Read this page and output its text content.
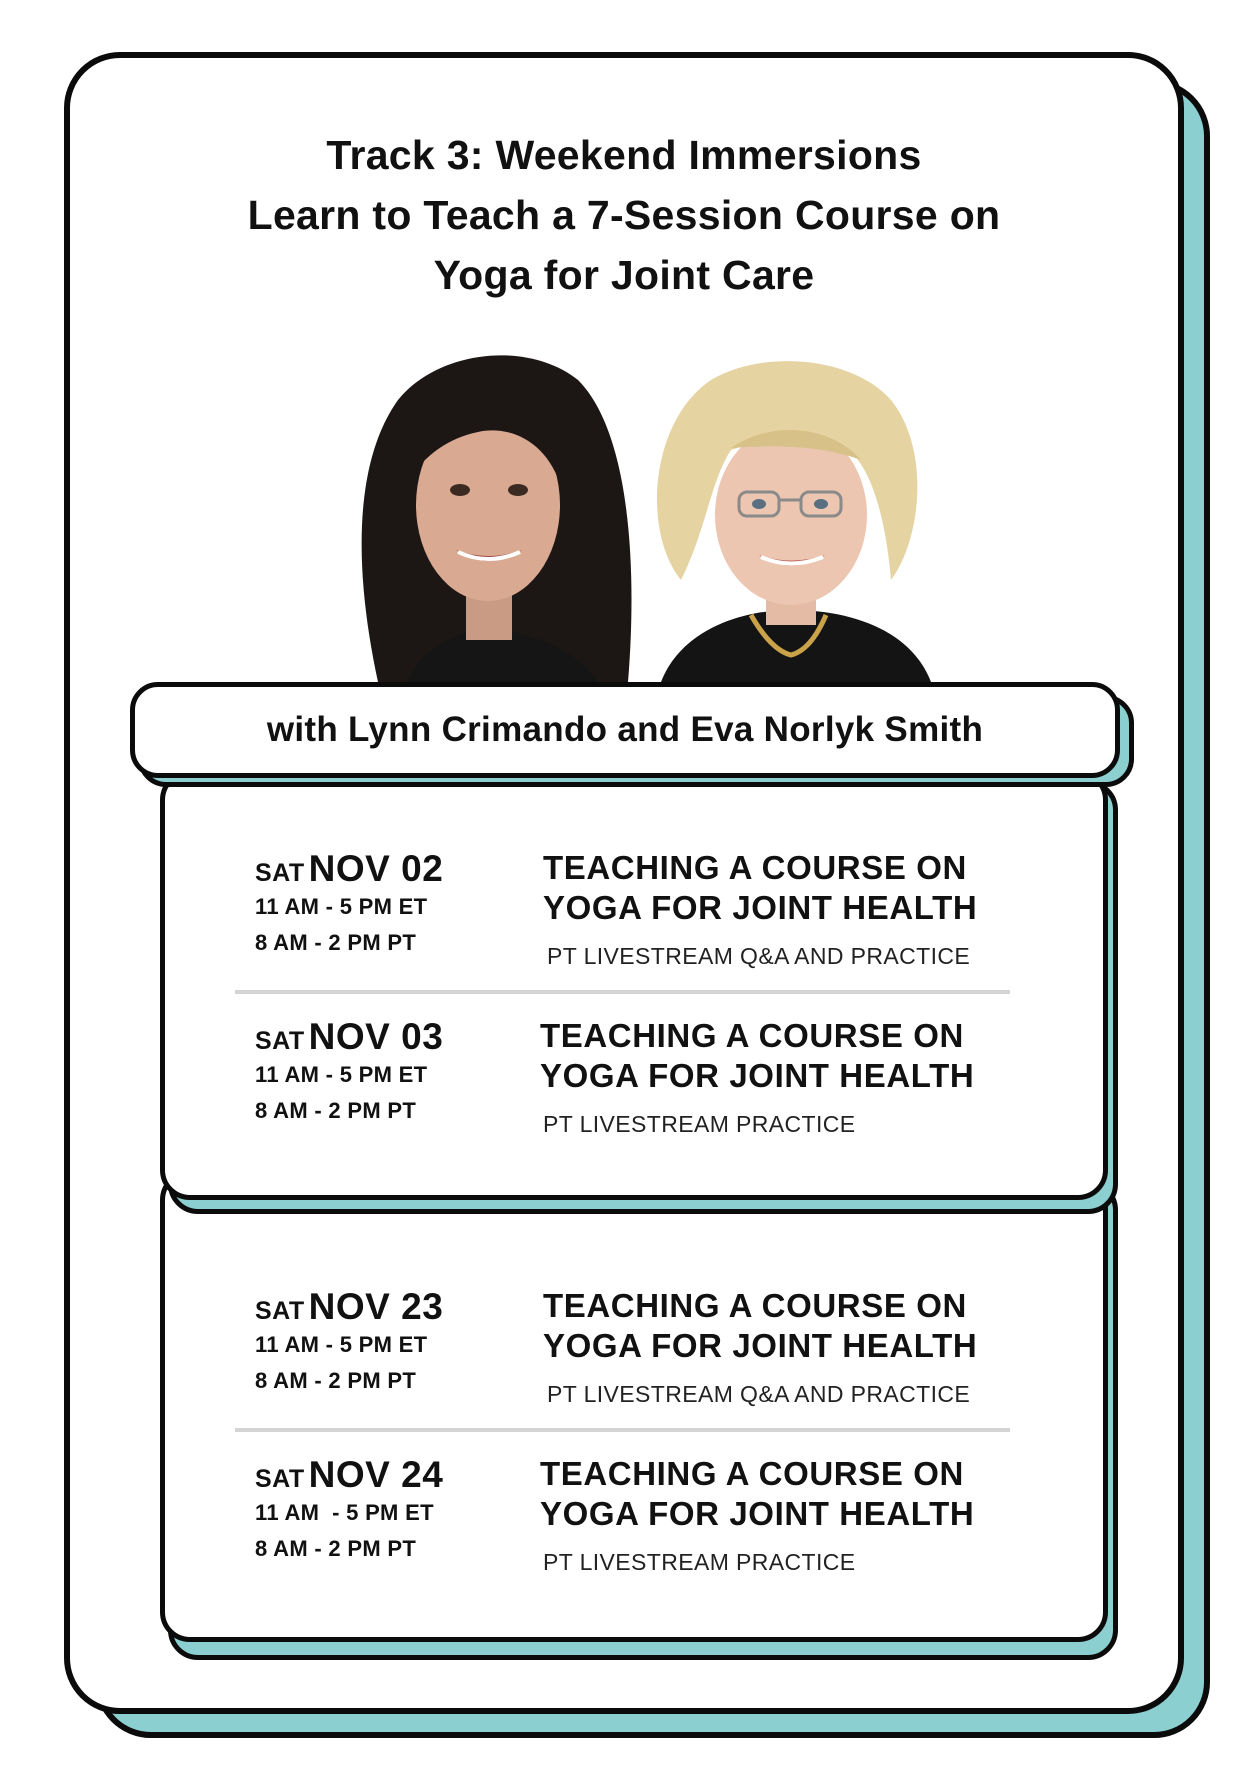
Track 3: Weekend Immersions
Learn to Teach a 7-Session Course on
Yoga for Joint Care
with Lynn Crimando and Eva Norlyk Smith
SAT NOV 02
11 AM - 5 PM ET
8 AM - 2 PM PT
TEACHING A COURSE ON
YOGA FOR JOINT HEALTH
PT LIVESTREAM Q&A AND PRACTICE
SAT NOV 03
11 AM - 5 PM ET
8 AM - 2 PM PT
TEACHING A COURSE ON
YOGA FOR JOINT HEALTH
PT LIVESTREAM PRACTICE
SAT NOV 23
11 AM - 5 PM ET
8 AM - 2 PM PT
TEACHING A COURSE ON
YOGA FOR JOINT HEALTH
PT LIVESTREAM Q&A AND PRACTICE
SAT NOV 24
11 AM  - 5 PM ET
8 AM - 2 PM PT
TEACHING A COURSE ON
YOGA FOR JOINT HEALTH
PT LIVESTREAM PRACTICE
